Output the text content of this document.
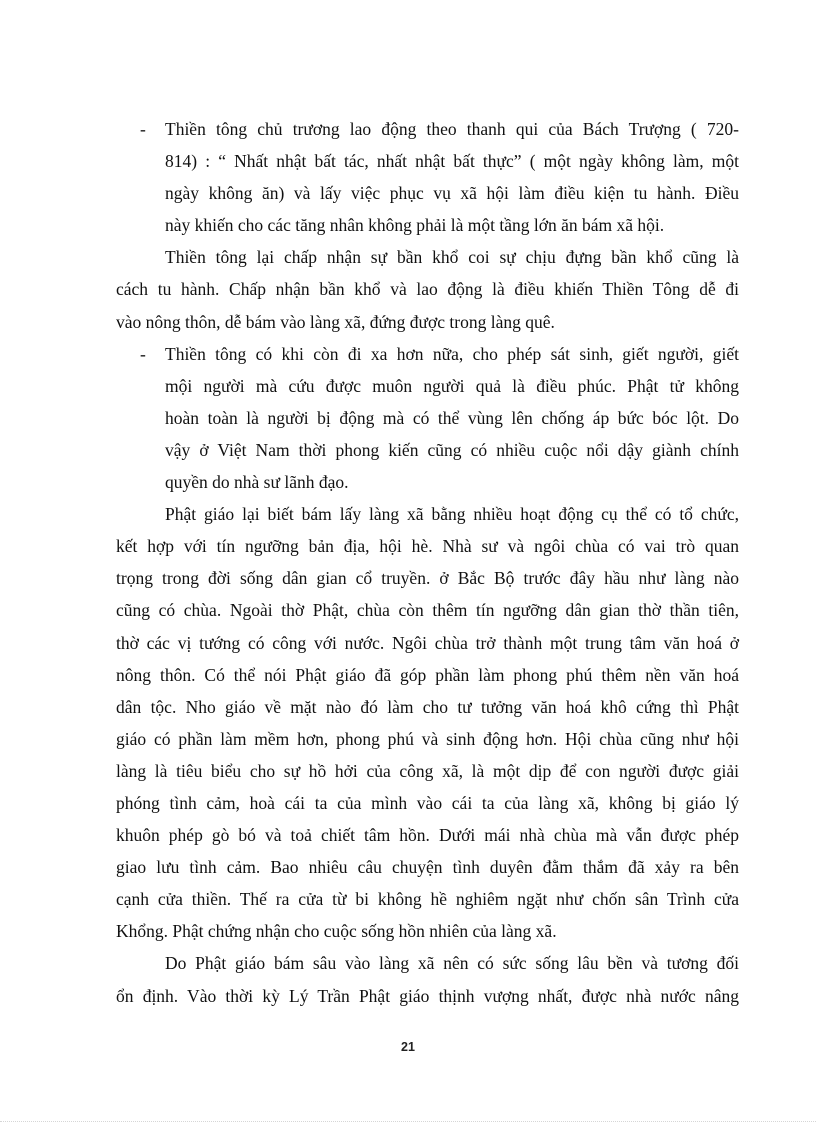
-	Thiền tông chủ trương lao động theo thanh qui của Bách Trượng ( 720-
814) : “ Nhất nhật bất tác, nhất nhật bất thực” ( một ngày không làm, một
ngày không ăn) và lấy việc phục vụ xã hội làm điều kiện tu hành. Điều
này khiến cho các tăng nhân không phải là một tầng lớn ăn bám xã hội.
Thiền tông lại chấp nhận sự bần khổ coi sự chịu đựng bần khổ cũng là
cách tu hành. Chấp nhận bần khổ và lao động là điều khiến Thiền Tông dễ đi
vào nông thôn, dễ bám vào làng xã, đứng được trong làng quê.
-	Thiền tông có khi còn đi xa hơn nữa, cho phép sát sinh, giết người, giết
mội người mà cứu được muôn người quả là điều phúc. Phật tử không
hoàn toàn là người bị động mà có thể vùng lên chống áp bức bóc lột. Do
vậy ở Việt Nam thời phong kiến cũng có nhiều cuộc nổi dậy giành chính
quyền do nhà sư lãnh đạo.
Phật giáo lại biết bám lấy làng xã bằng nhiều hoạt động cụ thể có tổ chức,
kết hợp với tín ngưỡng bản địa, hội hè. Nhà sư và ngôi chùa có vai trò quan
trọng trong đời sống dân gian cổ truyền. ở Bắc Bộ trước đây hầu như làng nào
cũng có chùa. Ngoài thờ Phật, chùa còn thêm tín ngưỡng dân gian thờ thần tiên,
thờ các vị tướng có công với nước. Ngôi chùa trở thành một trung tâm văn hoá ở
nông thôn. Có thể nói Phật giáo đã góp phần làm phong phú thêm nền văn hoá
dân tộc. Nho giáo về mặt nào đó làm cho tư tưởng văn hoá khô cứng thì Phật
giáo có phần làm mềm hơn, phong phú và sinh động hơn. Hội chùa cũng như hội
làng là tiêu biểu cho sự hồ hởi của công xã, là một dịp để con người được giải
phóng tình cảm, hoà cái ta của mình vào cái ta của làng xã, không bị giáo lý
khuôn phép gò bó và toả chiết tâm hồn. Dưới mái nhà chùa mà vẫn được phép
giao lưu tình cảm. Bao nhiêu câu chuyện tình duyên đằm thắm đã xảy ra bên
cạnh cửa thiền. Thế ra cửa từ bi không hề nghiêm ngặt như chốn sân Trình cửa
Khổng. Phật chứng nhận cho cuộc sống hồn nhiên của làng xã.
Do Phật giáo bám sâu vào làng xã nên có sức sống lâu bền và tương đối
ổn định. Vào thời kỳ Lý Trần Phật giáo thịnh vượng nhất, được nhà nước nâng
21
